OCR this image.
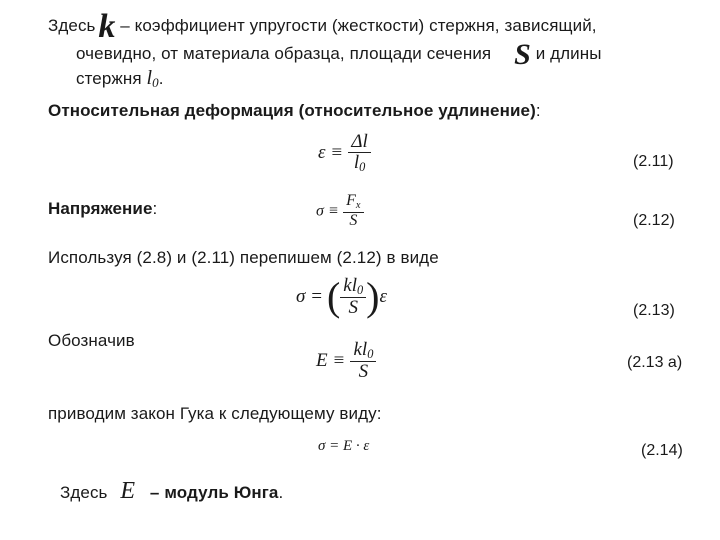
Здесь k – коэффициент упругости (жесткости) стержня, зависящий,
очевидно, от материала образца, площади сечения S и длины
стержня $l_0$.
Относительная деформация (относительное удлинение):
$\varepsilon \equiv \frac{\Delta l}{l_0}$	(2.11)
Напряжение:	$\sigma \equiv \frac{F_x}{S}$	(2.12)
Используя (2.8) и (2.11) перепишем (2.12) в виде
σ = ( $\frac{kl_0}{S}$ ) ε
(2.13)
Обозначив
$E \equiv \frac{kl_0}{S}$	(2.13 а)
приводим закон Гука к следующему виду:
σ = E · ε	(2.14)
Здесь E – модуль Юнга.
